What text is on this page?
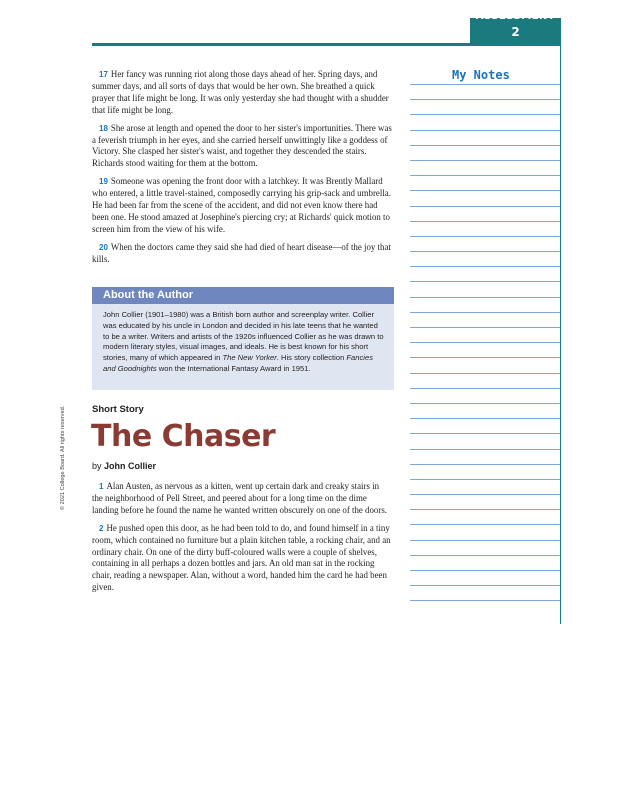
ASSESSMENT
2
My Notes

17 Her fancy was running riot along those days ahead of her. Spring days, and summer days, and all sorts of days that would be her own. She breathed a quick prayer that life might be long. It was only yesterday she had thought with a shudder that life might be long.

18 She arose at length and opened the door to her sister's importunities. There was a feverish triumph in her eyes, and she carried herself unwittingly like a goddess of Victory. She clasped her sister's waist, and together they descended the stairs. Richards stood waiting for them at the bottom.

19 Someone was opening the front door with a latchkey. It was Brently Mallard who entered, a little travel-stained, composedly carrying his grip-sack and umbrella. He had been far from the scene of the accident, and did not even know there had been one. He stood amazed at Josephine's piercing cry; at Richards' quick motion to screen him from the view of his wife.

20 When the doctors came they said she had died of heart disease—of the joy that kills.

About the Author
John Collier (1901–1980) was a British born author and screenplay writer. Collier was educated by his uncle in London and decided in his late teens that he wanted to be a writer. Writers and artists of the 1920s influenced Collier as he was drawn to modern literary styles, visual images, and ideals. He is best known for his short stories, many of which appeared in The New Yorker. His story collection Fancies and Goodnights won the International Fantasy Award in 1951.
Short Story
The Chaser
by John Collier

1 Alan Austen, as nervous as a kitten, went up certain dark and creaky stairs in the neighborhood of Pell Street, and peered about for a long time on the dime landing before he found the name he wanted written obscurely on one of the doors.

2 He pushed open this door, as he had been told to do, and found himself in a tiny room, which contained no furniture but a plain kitchen table, a rocking chair, and an ordinary chair. On one of the dirty buff-coloured walls were a couple of shelves, containing in all perhaps a dozen bottles and jars. An old man sat in the rocking chair, reading a newspaper. Alan, without a word, handed him the card he had been given.

© 2021 College Board. All rights reserved.
